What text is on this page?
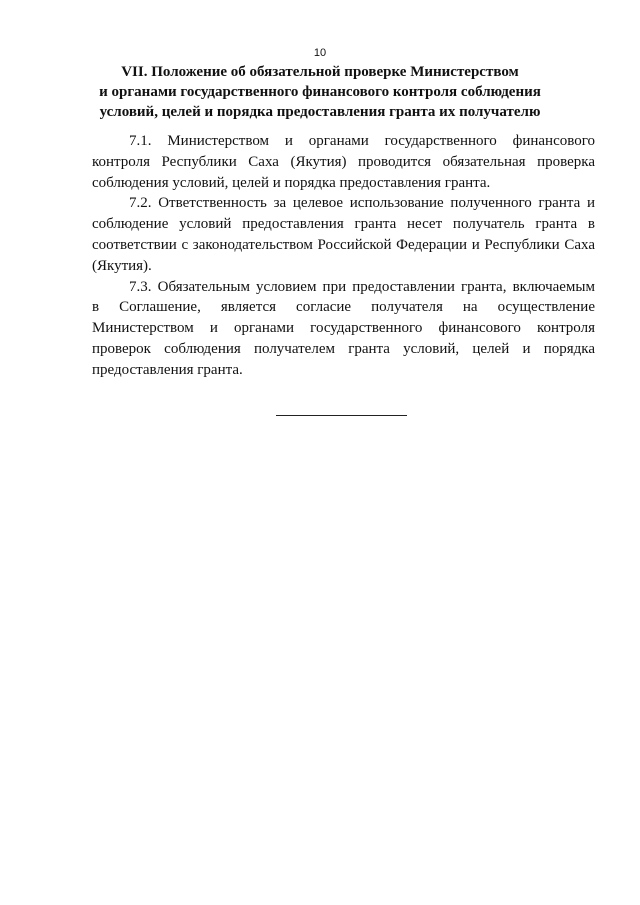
10
VII. Положение об обязательной проверке Министерством
и органами государственного финансового контроля соблюдения
условий, целей и порядка предоставления гранта их получателю

7.1. Министерством и органами государственного финансового
контроля Республики Саха (Якутия) проводится обязательная проверка
соблюдения условий, целей и порядка предоставления гранта.

7.2. Ответственность за целевое использование полученного гранта и
соблюдение условий предоставления гранта несет получатель гранта в
соответствии с законодательством Российской Федерации и Республики Саха
(Якутия).

7.3. Обязательным условием при предоставлении гранта, включаемым
в Соглашение, является согласие получателя на осуществление
Министерством и органами государственного финансового контроля
проверок соблюдения получателем гранта условий, целей и порядка
предоставления гранта.
